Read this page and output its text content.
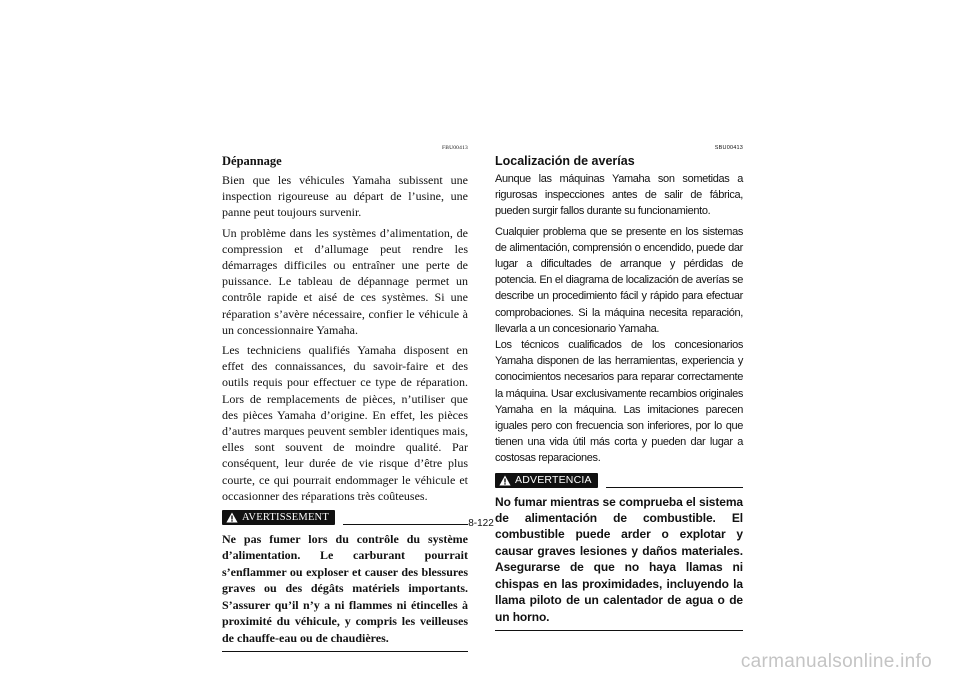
FBU00413
Dépannage

Bien que les véhicules Yamaha subissent une inspection rigoureuse au départ de l’usine, une panne peut toujours survenir.

Un problème dans les systèmes d’alimentation, de compression et d’allumage peut rendre les démarrages difficiles ou entraîner une perte de puissance. Le tableau de dépannage permet un contrôle rapide et aisé de ces systèmes. Si une réparation s’avère nécessaire, confier le véhicule à un concessionnaire Yamaha.

Les techniciens qualifiés Yamaha disposent en effet des connaissances, du savoir-faire et des outils requis pour effectuer ce type de réparation. Lors de remplacements de pièces, n’utiliser que des pièces Yamaha d’origine. En effet, les pièces d’autres marques peuvent sembler identiques mais, elles sont souvent de moindre qualité. Par conséquent, leur durée de vie risque d’être plus courte, ce qui pourrait endommager le véhicule et occasionner des réparations très coûteuses.

AVERTISSEMENT

Ne pas fumer lors du contrôle du système d’alimentation. Le carburant pourrait s’enflammer ou exploser et causer des blessures graves ou des dégâts matériels importants. S’assurer qu’il n’y a ni flammes ni étincelles à proximité du véhicule, y compris les veilleuses de chauffe-eau ou de chaudières.

SBU00413
Localización de averías

Aunque las máquinas Yamaha son sometidas a rigurosas inspecciones antes de salir de fábrica, pueden surgir fallos durante su funcionamiento.

Cualquier problema que se presente en los sistemas de alimentación, comprensión o encendido, puede dar lugar a dificultades de arranque y pérdidas de potencia. En el diagrama de localización de averías se describe un procedimiento fácil y rápido para efectuar comprobaciones. Si la máquina necesita reparación, llevarla a un concesionario Yamaha.

Los técnicos cualificados de los concesionarios Yamaha disponen de las herramientas, experiencia y conocimientos necesarios para reparar correctamente la máquina. Usar exclusivamente recambios originales Yamaha en la máquina. Las imitaciones parecen iguales pero con frecuencia son inferiores, por lo que tienen una vida útil más corta y pueden dar lugar a costosas reparaciones.

ADVERTENCIA

No fumar mientras se comprueba el sistema de alimentación de combustible. El combustible puede arder o explotar y causar graves lesiones y daños materiales. Asegurarse de que no haya llamas ni chispas en las proximidades, incluyendo la llama piloto de un calentador de agua o de un horno.

8-122
carmanualsonline.info
